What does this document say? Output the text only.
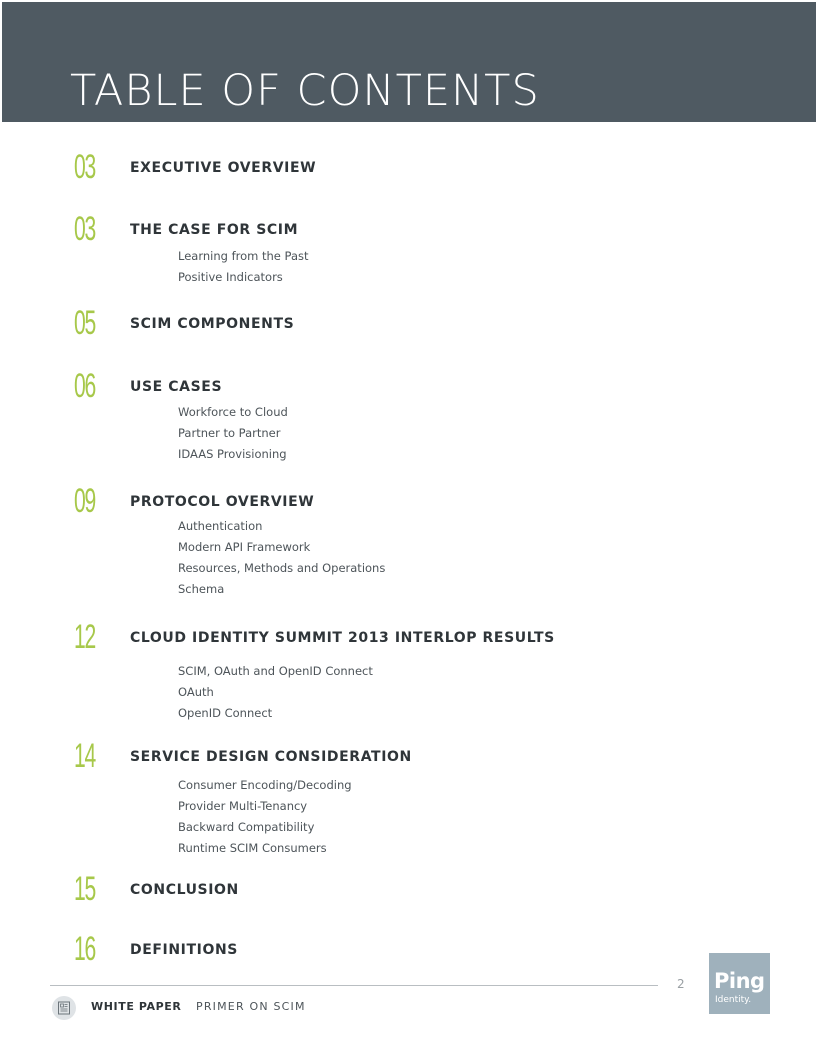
TABLE OF CONTENTS
03	EXECUTIVE OVERVIEW
03	THE CASE FOR SCIM

Learning from the Past

Positive Indicators

05	SCIM COMPONENTS
06	USE CASES

Workforce to Cloud

Partner to Partner

IDAAS Provisioning

09	PROTOCOL OVERVIEW

Authentication

Modern API Framework

Resources, Methods and Operations

Schema

12	CLOUD IDENTITY SUMMIT 2013 INTERLOP RESULTS

SCIM, OAuth and OpenID Connect

OAuth

OpenID Connect

14	SERVICE DESIGN CONSIDERATION

Consumer Encoding/Decoding

Provider Multi-Tenancy

Backward Compatibility

Runtime SCIM Consumers

15	CONCLUSION
16	DEFINITIONS
2 Ping
Identity.
WHITE PAPER PRIMER ON SCIM
